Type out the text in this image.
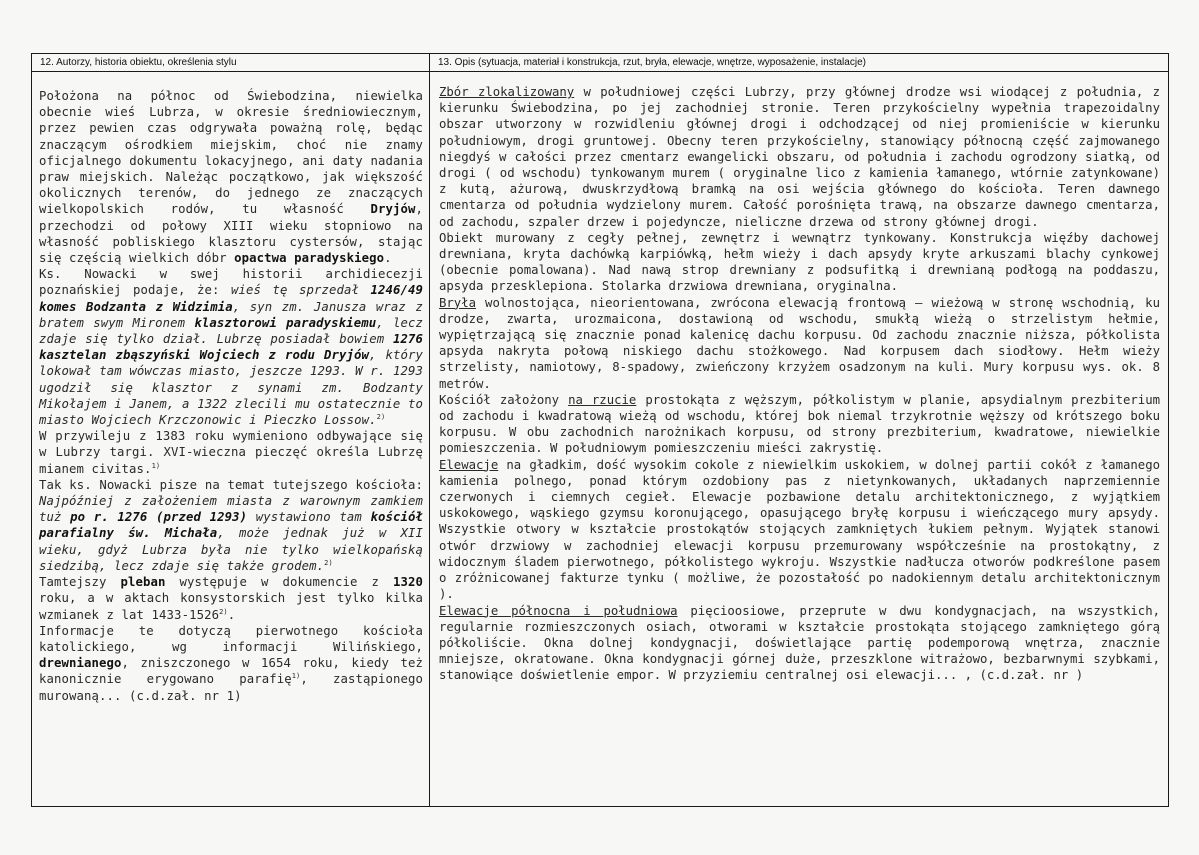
12. Autorzy, historia obiektu, określenia stylu

Położona na północ od Świebodzina, niewielka obecnie wieś Lubrza, w okresie średniowiecznym, przez pewien czas odgrywała poważną rolę, będąc znaczącym ośrodkiem miejskim, choć nie znamy oficjalnego dokumentu lokacyjnego, ani daty nadania praw miejskich. Należąc początkowo, jak większość okolicznych terenów, do jednego ze znaczących wielkopolskich rodów, tu własność Dryjów, przechodzi od połowy XIII wieku stopniowo na własność pobliskiego klasztoru cystersów, stając się częścią wielkich dóbr opactwa paradyskiego.

Ks. Nowacki w swej historii archidiecezji poznańskiej podaje, że: wieś tę sprzedał 1246/49 komes Bodzanta z Widzimia, syn zm. Janusza wraz z bratem swym Mironem klasztorowi paradyskiemu, lecz zdaje się tylko dział. Lubrzę posiadał bowiem 1276 kasztelan zbąszyński Wojciech z rodu Dryjów, który lokował tam wówczas miasto, jeszcze 1293. W r. 1293 ugodził się klasztor z synami zm. Bodzanty Mikołajem i Janem, a 1322 zlecili mu ostatecznie to miasto Wojciech Krzczonowic i Pieczko Lossow.$^{2)}$

W przywileju z 1383 roku wymieniono odbywające się w Lubrzy targi. XVI-wieczna pieczęć określa Lubrzę mianem civitas.$^{1)}$

Tak ks. Nowacki pisze na temat tutejszego kościoła: Najpóźniej z założeniem miasta z warownym zamkiem tuż po r. 1276 (przed 1293) wystawiono tam kościół parafialny św. Michała, może jednak już w XII wieku, gdyż Lubrza była nie tylko wielkopańską siedzibą, lecz zdaje się także grodem.$^{2)}$

Tamtejszy pleban występuje w dokumencie z 1320 roku, a w aktach konsystorskich jest tylko kilka wzmianek z lat 1433-1526$^{2)}$.

Informacje te dotyczą pierwotnego kościoła katolickiego, wg informacji Wilińskiego, drewnianego, zniszczonego w 1654 roku, kiedy też kanonicznie erygowano parafię$^{1)}$, zastąpionego murowaną... (c.d.zał. nr 1)

13. Opis (sytuacja, materiał i konstrukcja, rzut, bryła, elewacje, wnętrze, wyposażenie, instalacje)

Zbór zlokalizowany w południowej części Lubrzy, przy głównej drodze wsi wiodącej z południa, z kierunku Świebodzina, po jej zachodniej stronie. Teren przykościelny wypełnia trapezoidalny obszar utworzony w rozwidleniu głównej drogi i odchodzącej od niej promieniście w kierunku południowym, drogi gruntowej. Obecny teren przykościelny, stanowiący północną część zajmowanego niegdyś w całości przez cmentarz ewangelicki obszaru, od południa i zachodu ogrodzony siatką, od drogi ( od wschodu) tynkowanym murem ( oryginalne lico z kamienia łamanego, wtórnie zatynkowane) z kutą, ażurową, dwuskrzydłową bramką na osi wejścia głównego do kościoła. Teren dawnego cmentarza od południa wydzielony murem. Całość porośnięta trawą, na obszarze dawnego cmentarza, od zachodu, szpaler drzew i pojedyncze, nieliczne drzewa od strony głównej drogi.

Obiekt murowany z cegły pełnej, zewnętrz i wewnątrz tynkowany. Konstrukcja więźby dachowej drewniana, kryta dachówką karpiówką, hełm wieży i dach apsydy kryte arkuszami blachy cynkowej (obecnie pomalowana). Nad nawą strop drewniany z podsufitką i drewnianą podłogą na poddaszu, apsyda przesklepiona. Stolarka drzwiowa drewniana, oryginalna.

Bryła wolnostojąca, nieorientowana, zwrócona elewacją frontową – wieżową w stronę wschodnią, ku drodze, zwarta, urozmaicona, dostawioną od wschodu, smukłą wieżą o strzelistym hełmie, wypiętrzającą się znacznie ponad kalenicę dachu korpusu. Od zachodu znacznie niższa, półkolista apsyda nakryta połową niskiego dachu stożkowego. Nad korpusem dach siodłowy. Hełm wieży strzelisty, namiotowy, 8-spadowy, zwieńczony krzyżem osadzonym na kuli. Mury korpusu wys. ok. 8 metrów.

Kościół założony na rzucie prostokąta z węższym, półkolistym w planie, apsydialnym prezbiterium od zachodu i kwadratową wieżą od wschodu, której bok niemal trzykrotnie węższy od krótszego boku korpusu. W obu zachodnich narożnikach korpusu, od strony prezbiterium, kwadratowe, niewielkie pomieszczenia. W południowym pomieszczeniu mieści zakrystię.

Elewacje na gładkim, dość wysokim cokole z niewielkim uskokiem, w dolnej partii cokół z łamanego kamienia polnego, ponad którym ozdobiony pas z nietynkowanych, układanych naprzemiennie czerwonych i ciemnych cegieł. Elewacje pozbawione detalu architektonicznego, z wyjątkiem uskokowego, wąskiego gzymsu koronującego, opasującego bryłę korpusu i wieńczącego mury apsydy. Wszystkie otwory w kształcie prostokątów stojących zamkniętych łukiem pełnym. Wyjątek stanowi otwór drzwiowy w zachodniej elewacji korpusu przemurowany współcześnie na prostokątny, z widocznym śladem pierwotnego, półkolistego wykroju. Wszystkie nadłucza otworów podkreślone pasem o zróżnicowanej fakturze tynku ( możliwe, że pozostałość po nadokiennym detalu architektonicznym ).

Elewacje północna i południowa pięcioosiowe, przeprute w dwu kondygnacjach, na wszystkich, regularnie rozmieszczonych osiach, otworami w kształcie prostokąta stojącego zamkniętego górą półkoliście. Okna dolnej kondygnacji, doświetlające partię podemporową wnętrza, znacznie mniejsze, okratowane. Okna kondygnacji górnej duże, przeszklone witrażowo, bezbarwnymi szybkami, stanowiące doświetlenie empor. W przyziemiu centralnej osi elewacji... , (c.d.zał. nr )
